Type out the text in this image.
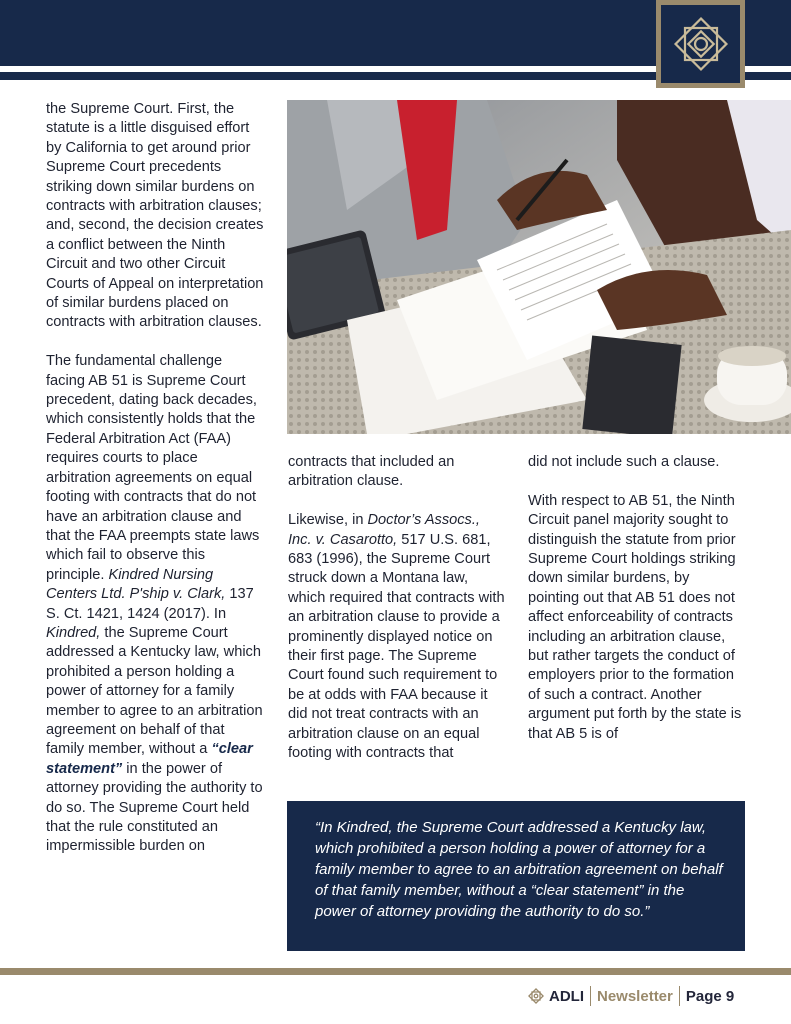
the Supreme Court. First, the statute is a little disguised effort by California to get around prior Supreme Court precedents striking down similar burdens on contracts with arbitration clauses; and, second, the decision creates a conflict between the Ninth Circuit and two other Circuit Courts of Appeal on interpretation of similar burdens placed on contracts with arbitration clauses.

The fundamental challenge facing AB 51 is Supreme Court precedent, dating back decades, which consistently holds that the Federal Arbitration Act (FAA) requires courts to place arbitration agreements on equal footing with contracts that do not have an arbitration clause and that the FAA preempts state laws which fail to observe this principle. Kindred Nursing Centers Ltd. P'ship v. Clark, 137 S. Ct. 1421, 1424 (2017). In Kindred, the Supreme Court addressed a Kentucky law, which prohibited a person holding a power of attorney for a family member to agree to an arbitration agreement on behalf of that family member, without a “clear statement” in the power of attorney providing the authority to do so. The Supreme Court held that the rule constituted an impermissible burden on

contracts that included an arbitration clause.

Likewise, in Doctor’s Assocs., Inc. v. Casarotto, 517 U.S. 681, 683 (1996), the Supreme Court struck down a Montana law, which required that contracts with an arbitration clause to provide a prominently displayed notice on their first page. The Supreme Court found such requirement to be at odds with FAA because it did not treat contracts with an arbitration clause on an equal footing with contracts that

did not include such a clause.

With respect to AB 51, the Ninth Circuit panel majority sought to distinguish the statute from prior Supreme Court holdings striking down similar burdens, by pointing out that AB 51 does not affect enforceability of contracts including an arbitration clause, but rather targets the conduct of employers prior to the formation of such a contract. Another argument put forth by the state is that AB 5 is of

“In Kindred, the Supreme Court addressed a Kentucky law, which prohibited a person holding a power of attorney for a family member to agree to an arbitration agreement on behalf of that family member, without a “clear statement” in the power of attorney providing the authority to do so.”
ADLI Newsletter Page 9
